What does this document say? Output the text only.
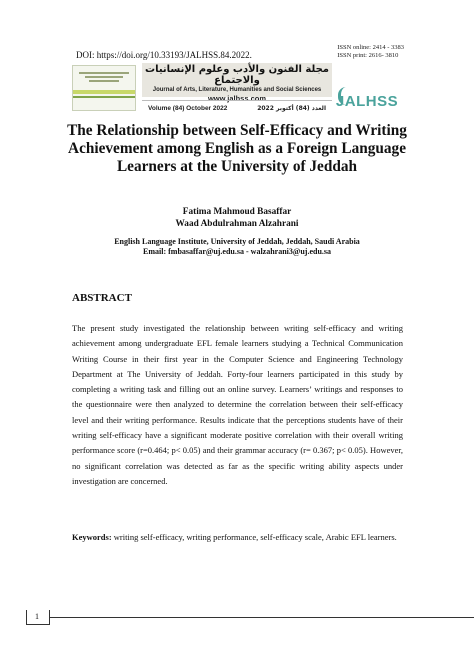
ISSN online: 2414 - 3383
ISSN print: 2616- 3810
DOI: https://doi.org/10.33193/JALHSS.84.2022.
مجلة الفنون والأدب وعلوم الإنسانيات والاجتماع
Journal of Arts, Literature, Humanities and Social Sciences
www.jalhss.com
Volume (84) October 2022	العدد (84) أكتوبر 2022 JALHSS
The Relationship between Self-Efficacy and Writing Achievement among English as a Foreign Language Learners at the University of Jeddah
Fatima Mahmoud Basaffar
Waad Abdulrahman Alzahrani
English Language Institute, University of Jeddah, Jeddah, Saudi Arabia
Email: fmbasaffar@uj.edu.sa - walzahrani3@uj.edu.sa
ABSTRACT

The present study investigated the relationship between writing self-efficacy and writing achievement among undergraduate EFL female learners studying a Technical Communication Writing Course in their first year in the Computer Science and Engineering Technology Department at The University of Jeddah. Forty-four learners participated in this study by completing a writing task and filling out an online survey. Learners’ writings and responses to the questionnaire were then analyzed to determine the correlation between their self-efficacy level and their writing performance. Results indicate that the perceptions students have of their writing self-efficacy have a significant moderate positive correlation with their overall writing performance score (r=0.464; p< 0.05) and their grammar accuracy (r= 0.367; p< 0.05). However, no significant correlation was detected as far as the specific writing ability aspects under investigation are concerned.

Keywords: writing self-efficacy, writing performance, self-efficacy scale, Arabic EFL learners.

1
